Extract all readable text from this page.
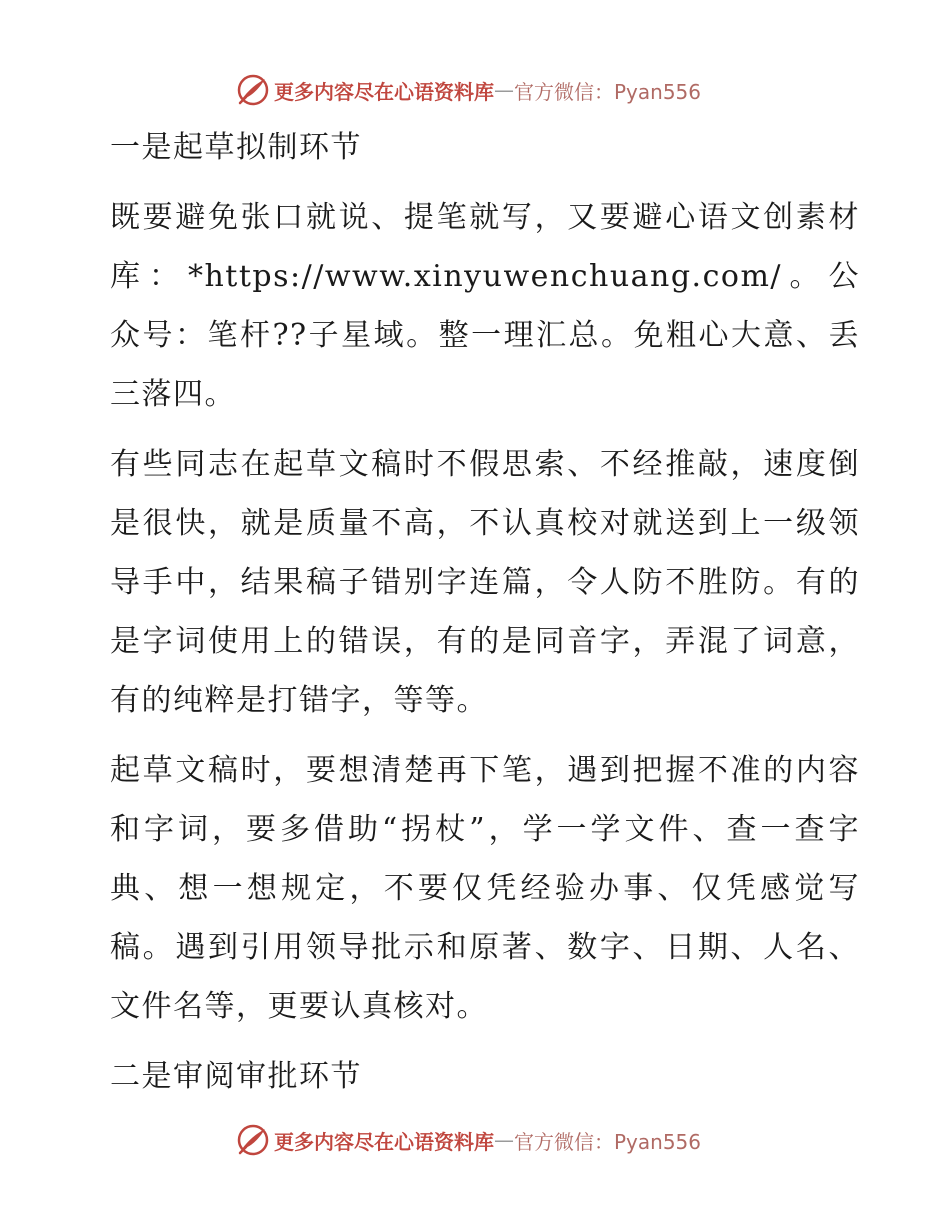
更多内容尽在心语资料库 — 官方微信：Pyan556

一是起草拟制环节

既要避免张口就说、提笔就写，又要避心语文创素材库：*https://www.xinyuwenchuang.com/。公众号：笔杆??子星域。整一理汇总。免粗心大意、丢三落四。

有些同志在起草文稿时不假思索、不经推敲，速度倒是很快，就是质量不高，不认真校对就送到上一级领导手中，结果稿子错别字连篇，令人防不胜防。有的是字词使用上的错误，有的是同音字，弄混了词意，有的纯粹是打错字，等等。

起草文稿时，要想清楚再下笔，遇到把握不准的内容和字词，要多借助“拐杖”，学一学文件、查一查字典、想一想规定，不要仅凭经验办事、仅凭感觉写稿。遇到引用领导批示和原著、数字、日期、人名、文件名等，更要认真核对。

二是审阅审批环节

更多内容尽在心语资料库 — 官方微信：Pyan556
